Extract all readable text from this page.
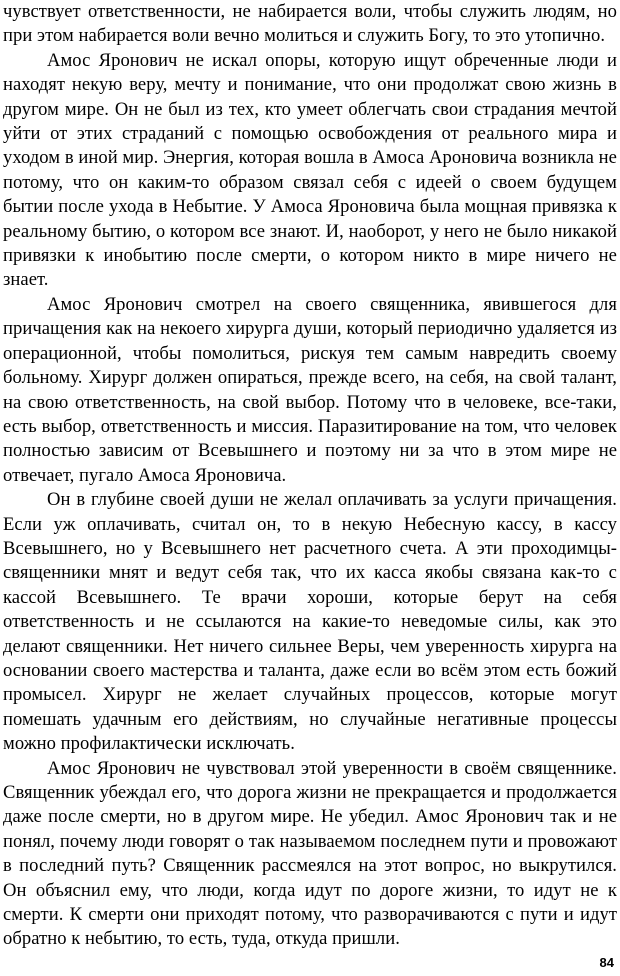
чувствует ответственности, не набирается воли, чтобы служить людям, но при этом набирается воли вечно молиться и служить Богу, то это утопично.

Амос Яронович не искал опоры, которую ищут обреченные люди и находят некую веру, мечту и понимание, что они продолжат свою жизнь в другом мире. Он не был из тех, кто умеет облегчать свои страдания мечтой уйти от этих страданий с помощью освобождения от реального мира и уходом в иной мир. Энергия, которая вошла в Амоса Ароновича возникла не потому, что он каким-то образом связал себя с идеей о своем будущем бытии после ухода в Небытие. У Амоса Яроновича была мощная привязка к реальному бытию, о котором все знают. И, наоборот, у него не было никакой привязки к инобытию после смерти, о котором никто в мире ничего не знает.

Амос Яронович смотрел на своего священника, явившегося для причащения как на некоего хирурга души, который периодично удаляется из операционной, чтобы помолиться, рискуя тем самым навредить своему больному. Хирург должен опираться, прежде всего, на себя, на свой талант, на свою ответственность, на свой выбор. Потому что в человеке, все-таки, есть выбор, ответственность и миссия. Паразитирование на том, что человек полностью зависим от Всевышнего и поэтому ни за что в этом мире не отвечает, пугало Амоса Яроновича.

Он в глубине своей души не желал оплачивать за услуги причащения. Если уж оплачивать, считал он, то в некую Небесную кассу, в кассу Всевышнего, но у Всевышнего нет расчетного счета. А эти проходимцы-священники мнят и ведут себя так, что их касса якобы связана как-то с кассой Всевышнего. Те врачи хороши, которые берут на себя ответственность и не ссылаются на какие-то неведомые силы, как это делают священники. Нет ничего сильнее Веры, чем уверенность хирурга на основании своего мастерства и таланта, даже если во всём этом есть божий промысел. Хирург не желает случайных процессов, которые могут помешать удачным его действиям, но случайные негативные процессы можно профилактически исключать.

Амос Яронович не чувствовал этой уверенности в своём священнике. Священник убеждал его, что дорога жизни не прекращается и продолжается даже после смерти, но в другом мире. Не убедил. Амос Яронович так и не понял, почему люди говорят о так называемом последнем пути и провожают в последний путь? Священник рассмеялся на этот вопрос, но выкрутился. Он объяснил ему, что люди, когда идут по дороге жизни, то идут не к смерти. К смерти они приходят потому, что разворачиваются с пути и идут обратно к небытию, то есть, туда, откуда пришли.

84
